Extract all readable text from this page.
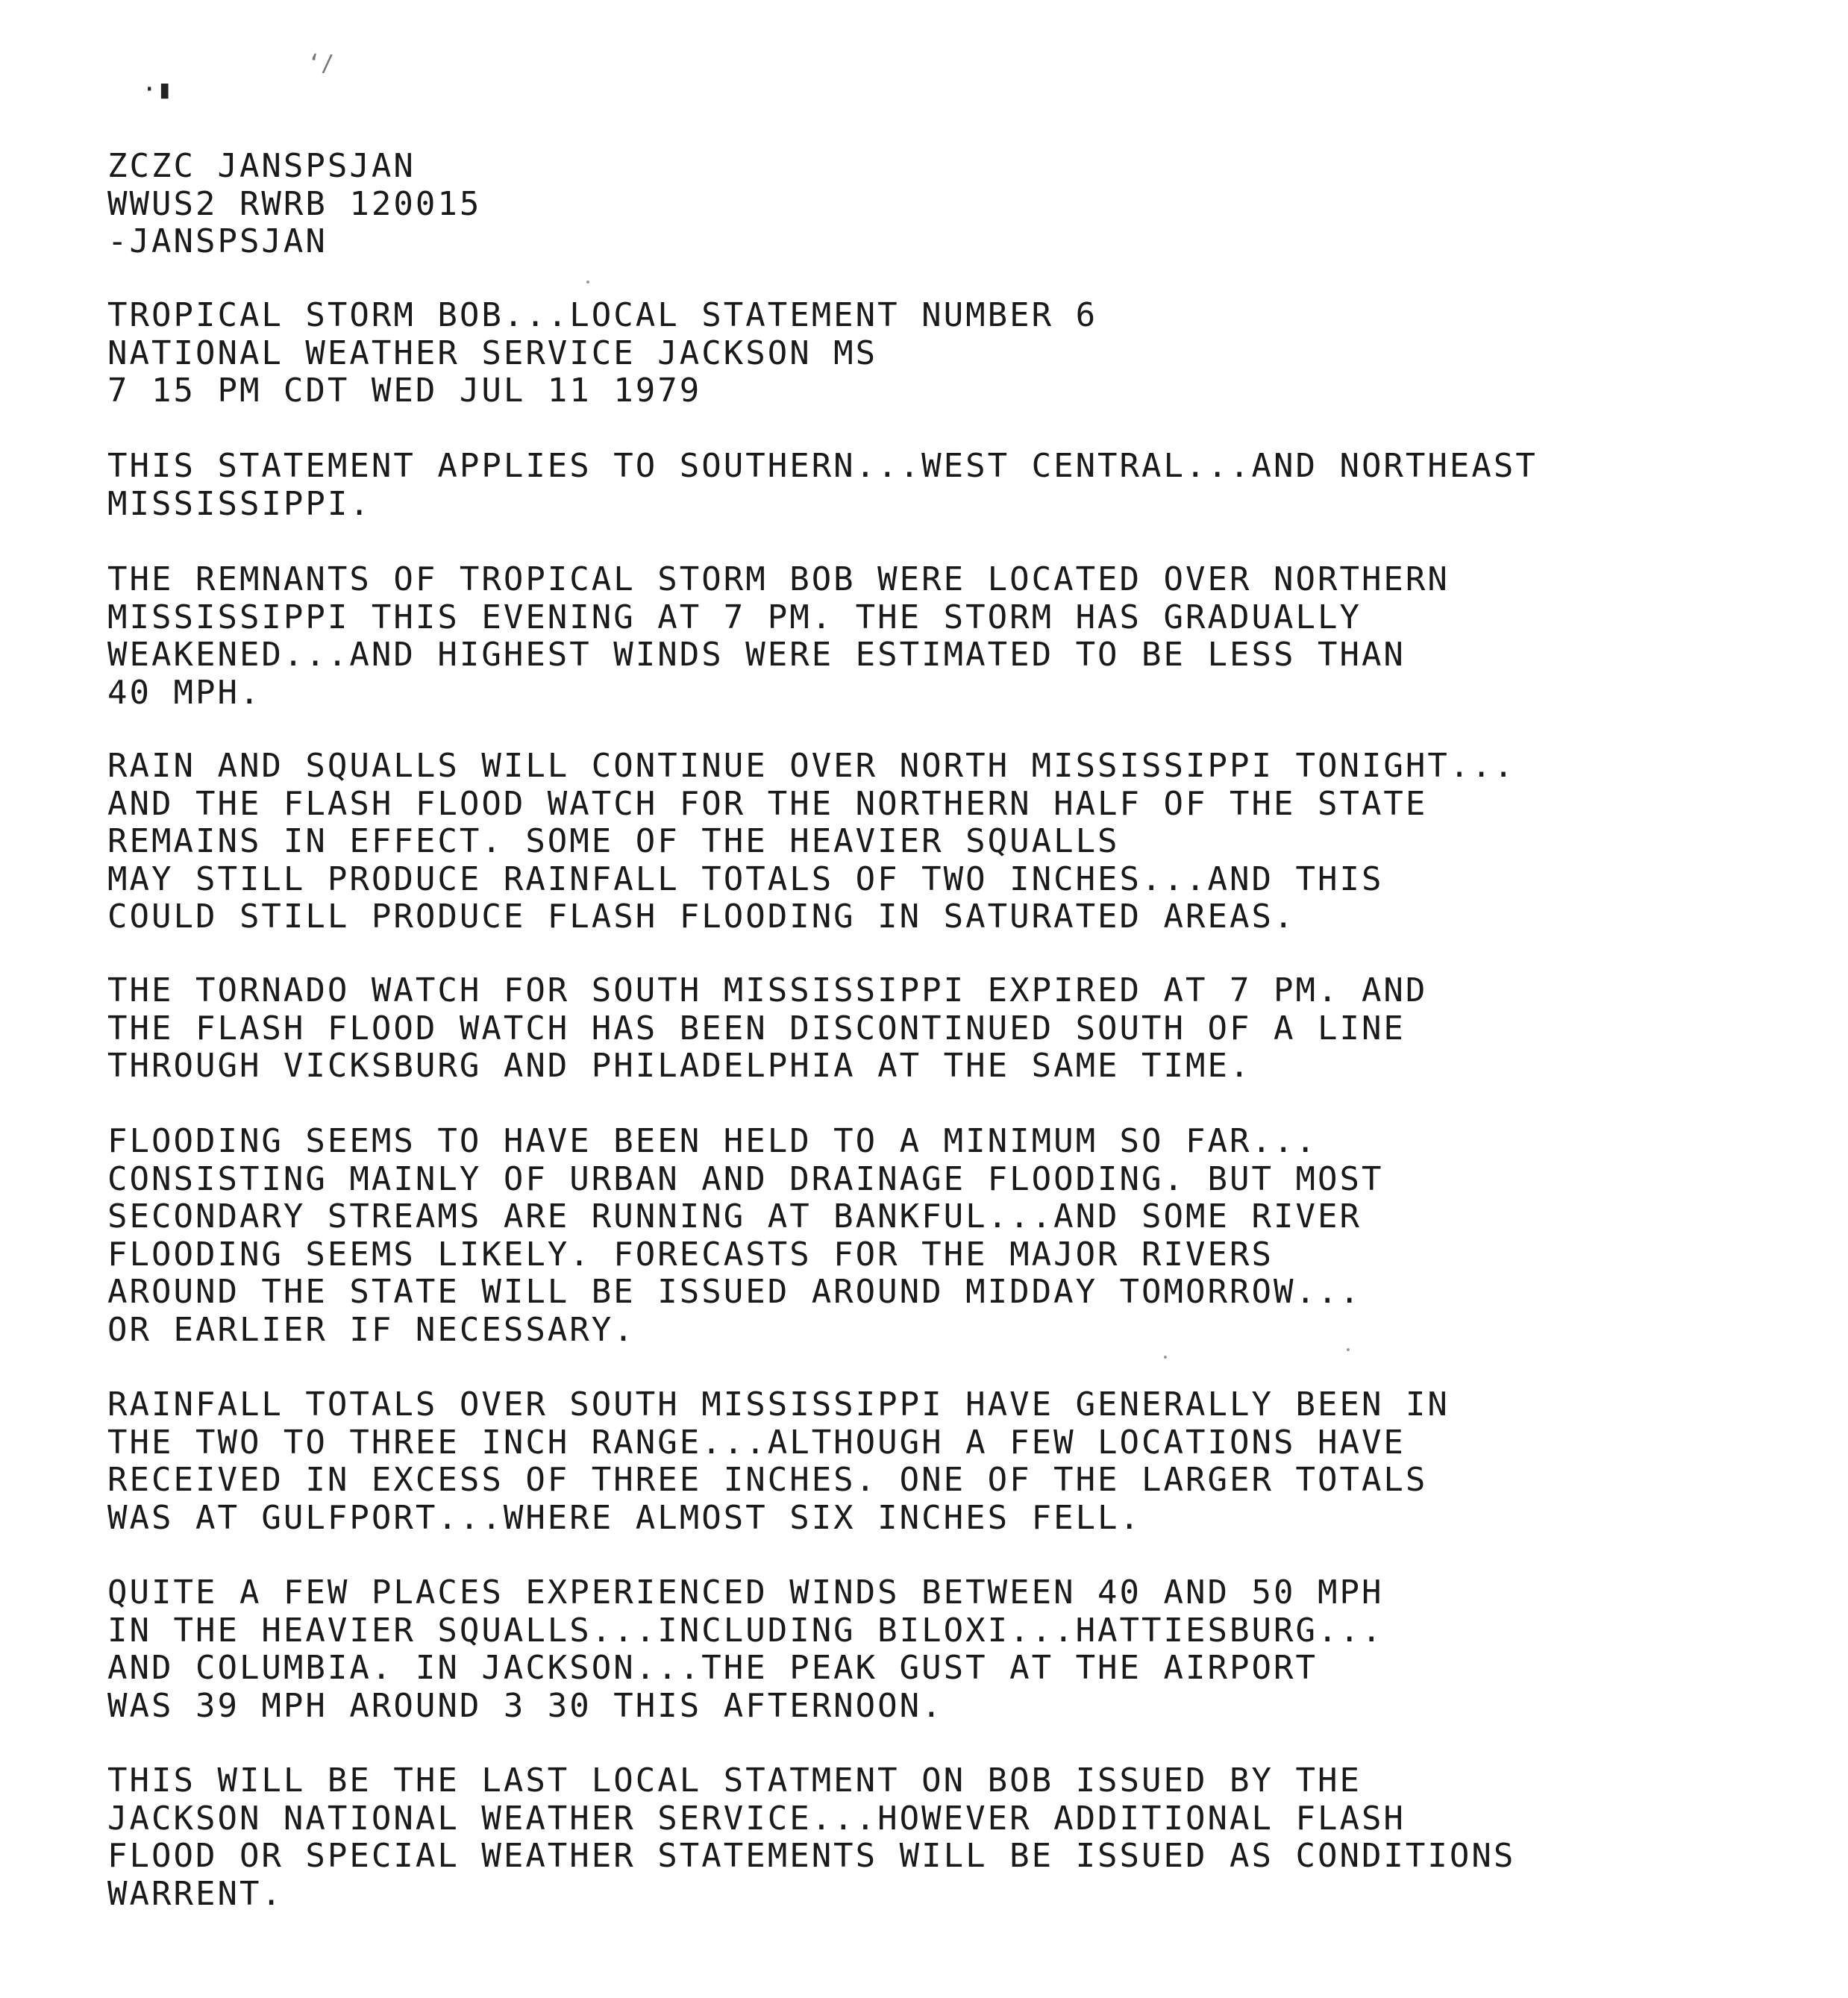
·▮
ʻ/
ZCZC JANSPSJAN
WWUS2 RWRB 120015
-JANSPSJAN
TROPICAL STORM BOB...LOCAL STATEMENT NUMBER 6
NATIONAL WEATHER SERVICE JACKSON MS
7 15 PM CDT WED JUL 11 1979
THIS STATEMENT APPLIES TO SOUTHERN...WEST CENTRAL...AND NORTHEAST
MISSISSIPPI.
THE REMNANTS OF TROPICAL STORM BOB WERE LOCATED OVER NORTHERN
MISSISSIPPI THIS EVENING AT 7 PM. THE STORM HAS GRADUALLY
WEAKENED...AND HIGHEST WINDS WERE ESTIMATED TO BE LESS THAN
40 MPH.
RAIN AND SQUALLS WILL CONTINUE OVER NORTH MISSISSIPPI TONIGHT...
AND THE FLASH FLOOD WATCH FOR THE NORTHERN HALF OF THE STATE
REMAINS IN EFFECT. SOME OF THE HEAVIER SQUALLS
MAY STILL PRODUCE RAINFALL TOTALS OF TWO INCHES...AND THIS
COULD STILL PRODUCE FLASH FLOODING IN SATURATED AREAS.
THE TORNADO WATCH FOR SOUTH MISSISSIPPI EXPIRED AT 7 PM. AND
THE FLASH FLOOD WATCH HAS BEEN DISCONTINUED SOUTH OF A LINE
THROUGH VICKSBURG AND PHILADELPHIA AT THE SAME TIME.
FLOODING SEEMS TO HAVE BEEN HELD TO A MINIMUM SO FAR...
CONSISTING MAINLY OF URBAN AND DRAINAGE FLOODING. BUT MOST
SECONDARY STREAMS ARE RUNNING AT BANKFUL...AND SOME RIVER
FLOODING SEEMS LIKELY. FORECASTS FOR THE MAJOR RIVERS
AROUND THE STATE WILL BE ISSUED AROUND MIDDAY TOMORROW...
OR EARLIER IF NECESSARY.
RAINFALL TOTALS OVER SOUTH MISSISSIPPI HAVE GENERALLY BEEN IN
THE TWO TO THREE INCH RANGE...ALTHOUGH A FEW LOCATIONS HAVE
RECEIVED IN EXCESS OF THREE INCHES. ONE OF THE LARGER TOTALS
WAS AT GULFPORT...WHERE ALMOST SIX INCHES FELL.
QUITE A FEW PLACES EXPERIENCED WINDS BETWEEN 40 AND 50 MPH
IN THE HEAVIER SQUALLS...INCLUDING BILOXI...HATTIESBURG...
AND COLUMBIA. IN JACKSON...THE PEAK GUST AT THE AIRPORT
WAS 39 MPH AROUND 3 30 THIS AFTERNOON.
THIS WILL BE THE LAST LOCAL STATMENT ON BOB ISSUED BY THE
JACKSON NATIONAL WEATHER SERVICE...HOWEVER ADDITIONAL FLASH
FLOOD OR SPECIAL WEATHER STATEMENTS WILL BE ISSUED AS CONDITIONS
WARRENT.
